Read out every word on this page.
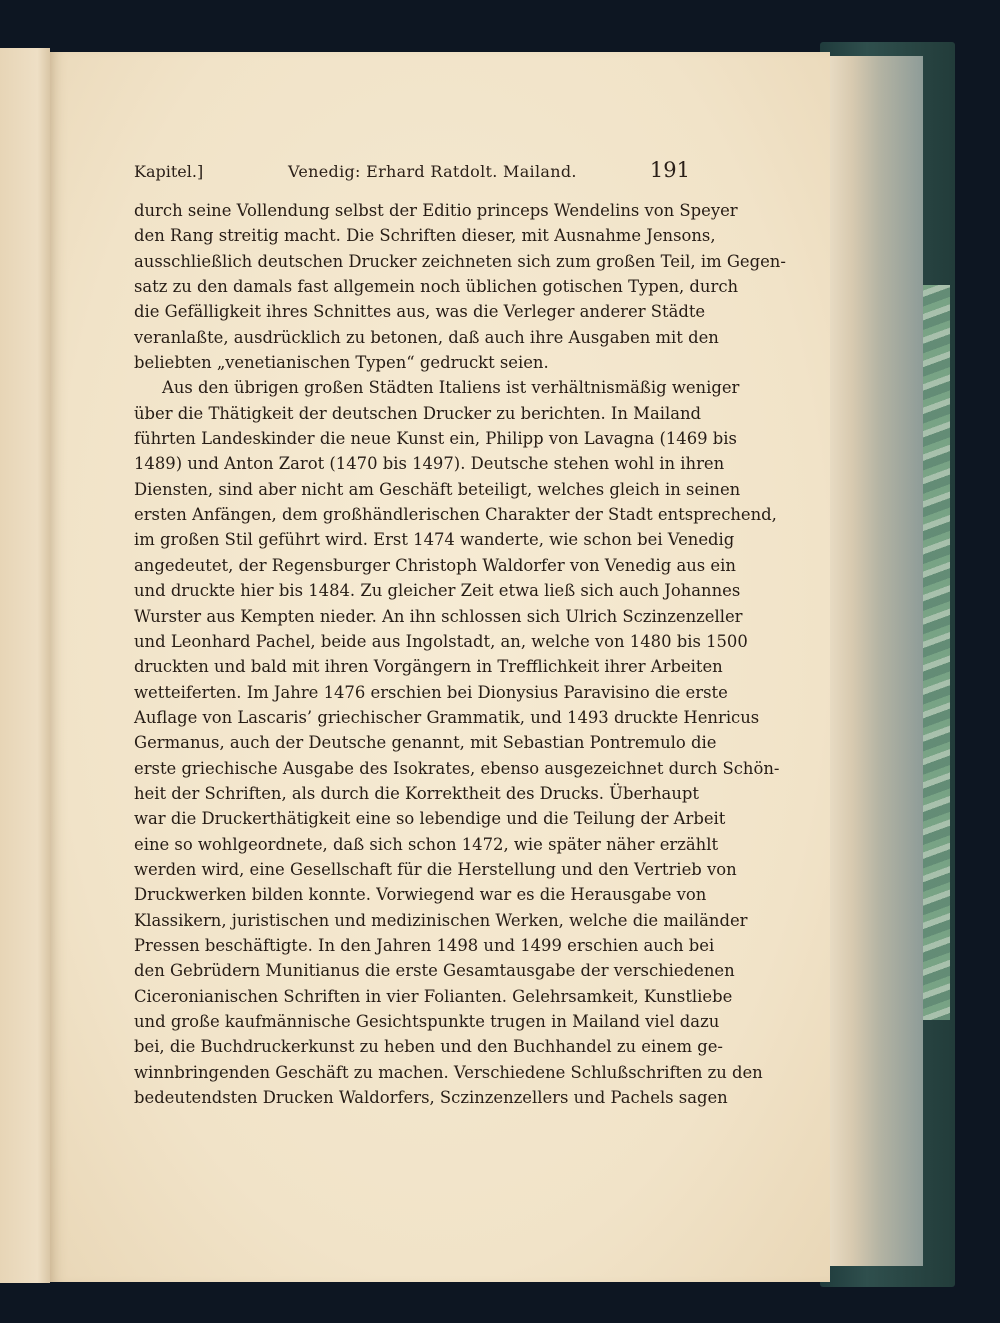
Kapitel.]	Venedig: Erhard Ratdolt. Mailand.	191
durch seine Vollendung selbst der Editio princeps Wendelins von Speyer
den Rang streitig macht. Die Schriften dieser, mit Ausnahme Jensons,
ausschließlich deutschen Drucker zeichneten sich zum großen Teil, im Gegen-
satz zu den damals fast allgemein noch üblichen gotischen Typen, durch
die Gefälligkeit ihres Schnittes aus, was die Verleger anderer Städte
veranlaßte, ausdrücklich zu betonen, daß auch ihre Ausgaben mit den
beliebten „venetianischen Typen“ gedruckt seien.
Aus den übrigen großen Städten Italiens ist verhältnismäßig weniger
über die Thätigkeit der deutschen Drucker zu berichten. In Mailand
führten Landeskinder die neue Kunst ein, Philipp von Lavagna (1469 bis
1489) und Anton Zarot (1470 bis 1497). Deutsche stehen wohl in ihren
Diensten, sind aber nicht am Geschäft beteiligt, welches gleich in seinen
ersten Anfängen, dem großhändlerischen Charakter der Stadt entsprechend,
im großen Stil geführt wird. Erst 1474 wanderte, wie schon bei Venedig
angedeutet, der Regensburger Christoph Waldorfer von Venedig aus ein
und druckte hier bis 1484. Zu gleicher Zeit etwa ließ sich auch Johannes
Wurster aus Kempten nieder. An ihn schlossen sich Ulrich Sczinzenzeller
und Leonhard Pachel, beide aus Ingolstadt, an, welche von 1480 bis 1500
druckten und bald mit ihren Vorgängern in Trefflichkeit ihrer Arbeiten
wetteiferten. Im Jahre 1476 erschien bei Dionysius Paravisino die erste
Auflage von Lascaris’ griechischer Grammatik, und 1493 druckte Henricus
Germanus, auch der Deutsche genannt, mit Sebastian Pontremulo die
erste griechische Ausgabe des Isokrates, ebenso ausgezeichnet durch Schön-
heit der Schriften, als durch die Korrektheit des Drucks. Überhaupt
war die Druckerthätigkeit eine so lebendige und die Teilung der Arbeit
eine so wohlgeordnete, daß sich schon 1472, wie später näher erzählt
werden wird, eine Gesellschaft für die Herstellung und den Vertrieb von
Druckwerken bilden konnte. Vorwiegend war es die Herausgabe von
Klassikern, juristischen und medizinischen Werken, welche die mailänder
Pressen beschäftigte. In den Jahren 1498 und 1499 erschien auch bei
den Gebrüdern Munitianus die erste Gesamtausgabe der verschiedenen
Ciceronianischen Schriften in vier Folianten. Gelehrsamkeit, Kunstliebe
und große kaufmännische Gesichtspunkte trugen in Mailand viel dazu
bei, die Buchdruckerkunst zu heben und den Buchhandel zu einem ge-
winnbringenden Geschäft zu machen. Verschiedene Schlußschriften zu den
bedeutendsten Drucken Waldorfers, Sczinzenzellers und Pachels sagen
